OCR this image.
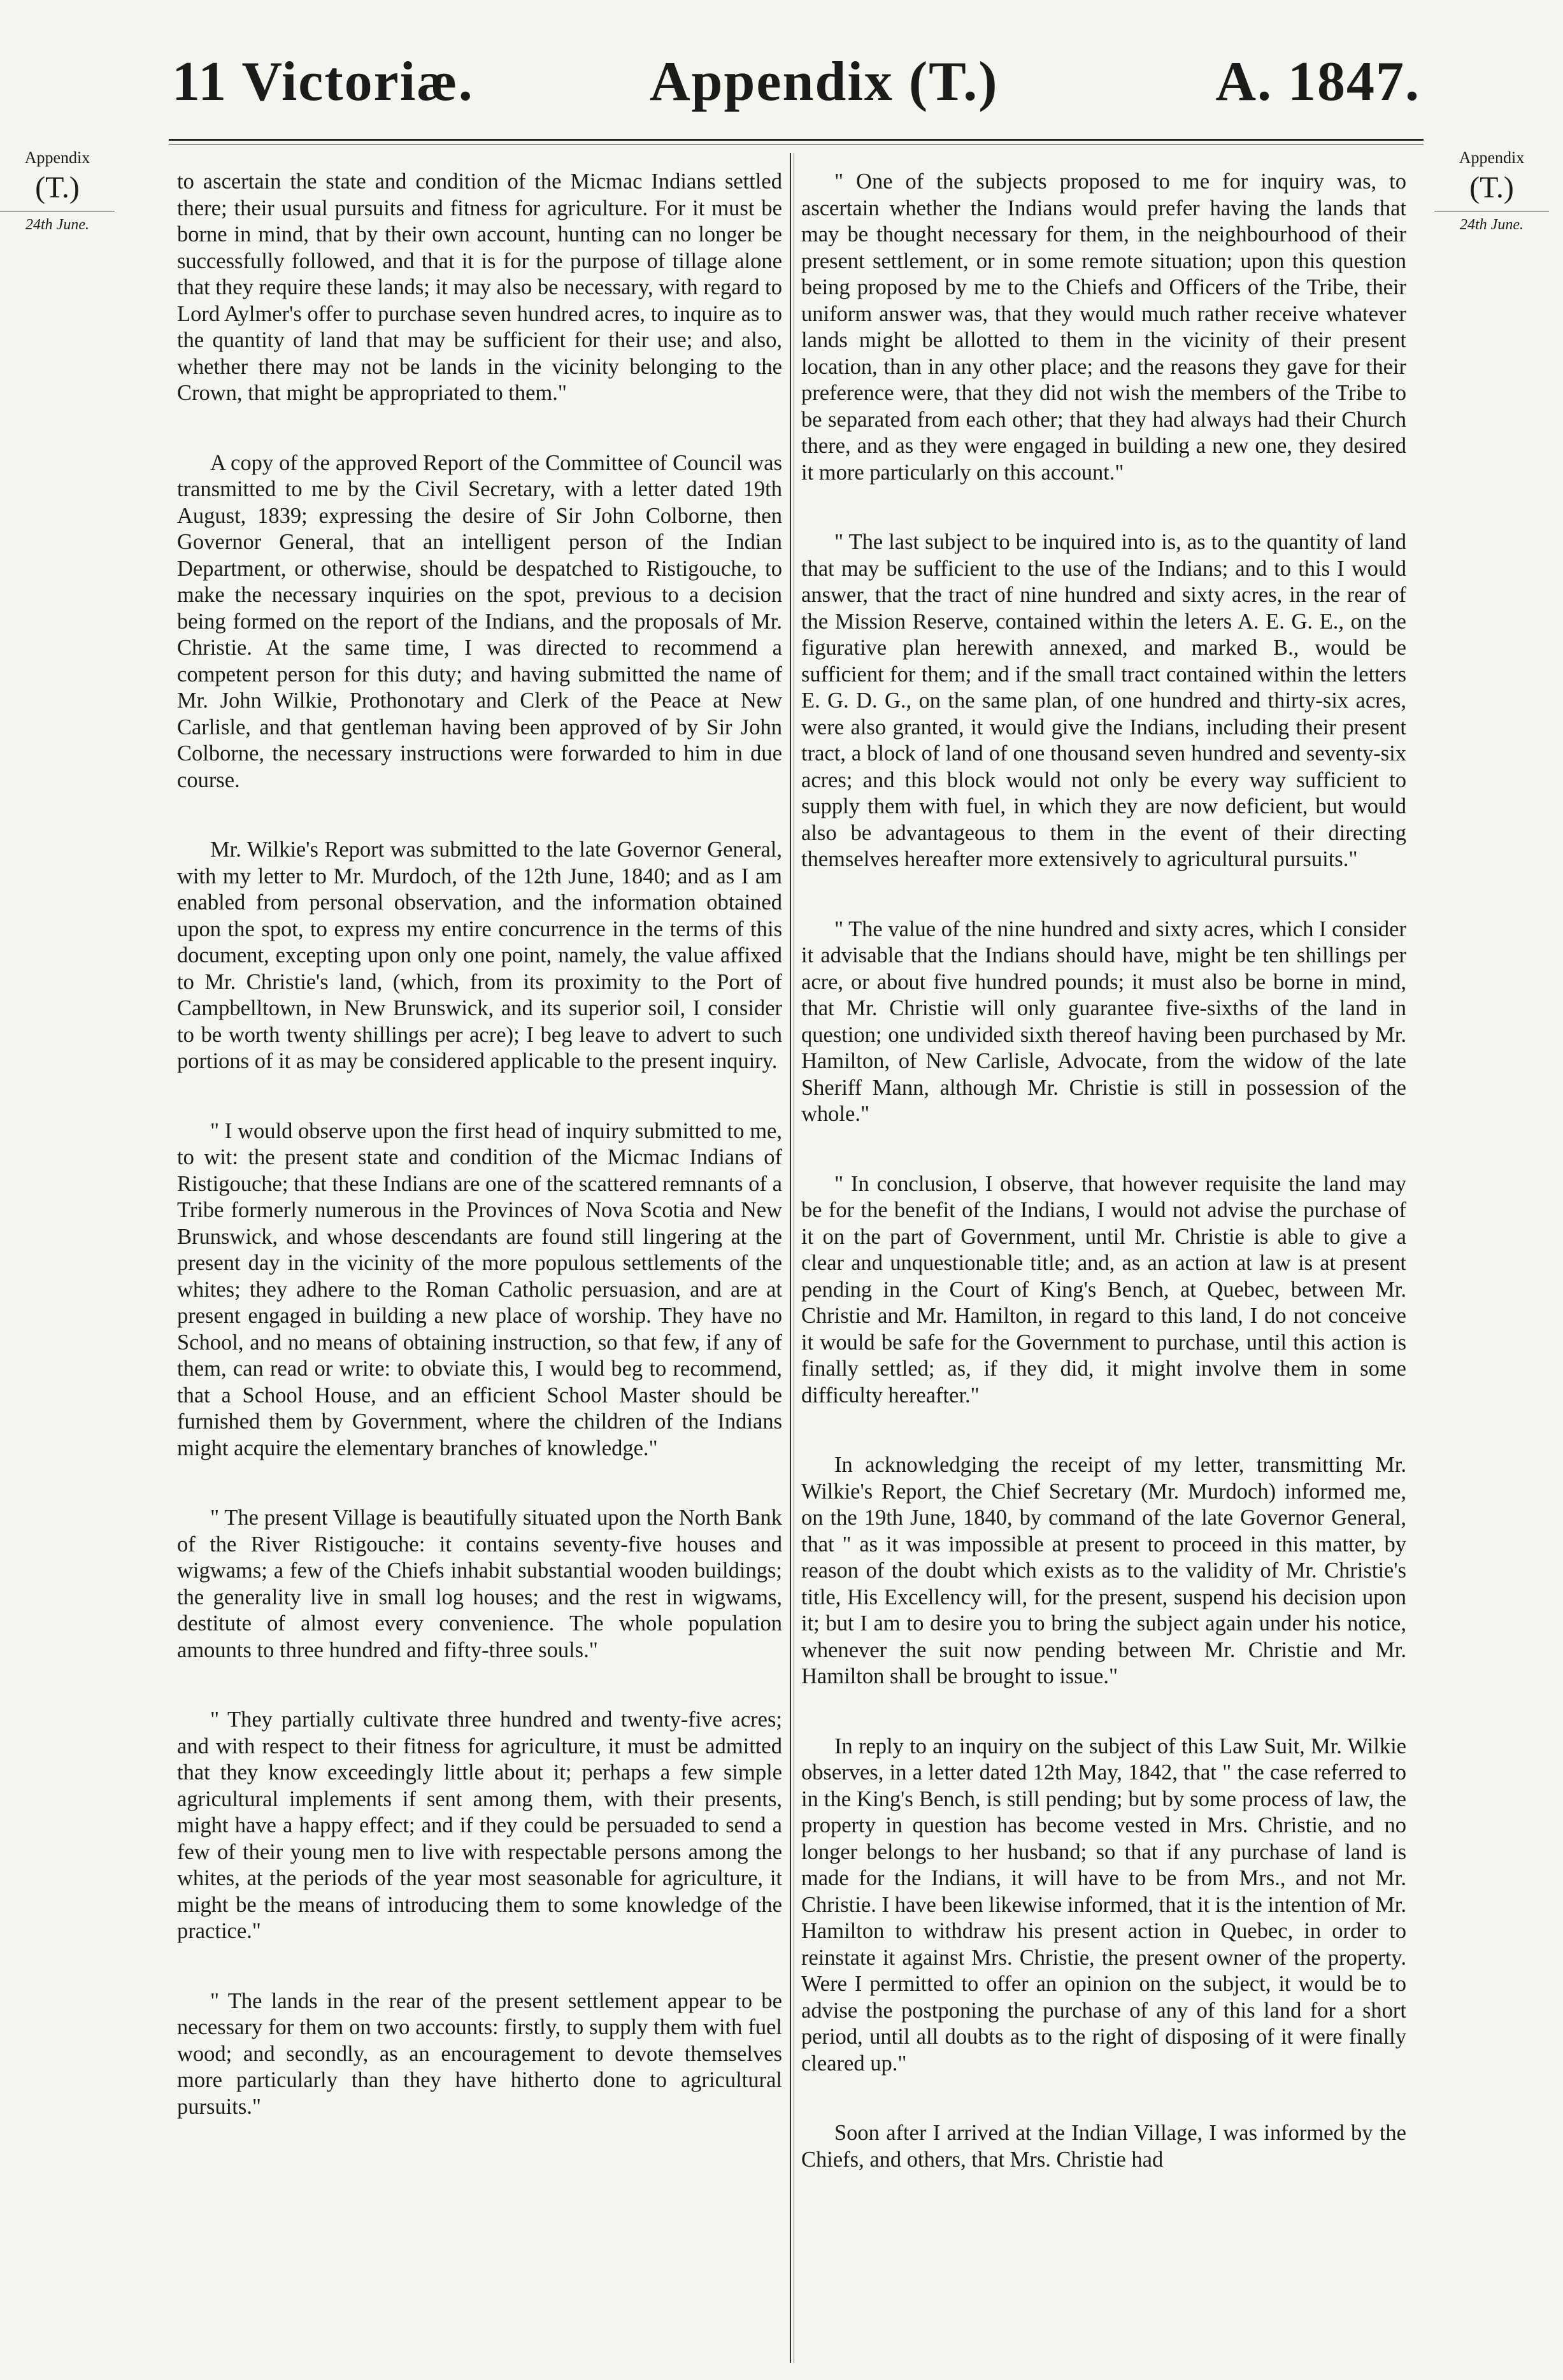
11 Victoriæ.	Appendix (T.)	A. 1847.
Appendix
(T.)
24th June.
Appendix
(T.)
24th June.

to ascertain the state and condition of the Micmac Indians settled there; their usual pursuits and fitness for agriculture. For it must be borne in mind, that by their own account, hunting can no longer be successfully followed, and that it is for the purpose of tillage alone that they require these lands; it may also be necessary, with regard to Lord Aylmer's offer to purchase seven hundred acres, to inquire as to the quantity of land that may be sufficient for their use; and also, whether there may not be lands in the vicinity belonging to the Crown, that might be appropriated to them."

A copy of the approved Report of the Committee of Council was transmitted to me by the Civil Secretary, with a letter dated 19th August, 1839; expressing the desire of Sir John Colborne, then Governor General, that an intelligent person of the Indian Department, or otherwise, should be despatched to Ristigouche, to make the necessary inquiries on the spot, previous to a decision being formed on the report of the Indians, and the proposals of Mr. Christie. At the same time, I was directed to recommend a competent person for this duty; and having submitted the name of Mr. John Wilkie, Prothonotary and Clerk of the Peace at New Carlisle, and that gentleman having been approved of by Sir John Colborne, the necessary instructions were forwarded to him in due course.

Mr. Wilkie's Report was submitted to the late Governor General, with my letter to Mr. Murdoch, of the 12th June, 1840; and as I am enabled from personal observation, and the information obtained upon the spot, to express my entire concurrence in the terms of this document, excepting upon only one point, namely, the value affixed to Mr. Christie's land, (which, from its proximity to the Port of Campbelltown, in New Brunswick, and its superior soil, I consider to be worth twenty shillings per acre); I beg leave to advert to such portions of it as may be considered applicable to the present inquiry.

" I would observe upon the first head of inquiry submitted to me, to wit: the present state and condition of the Micmac Indians of Ristigouche; that these Indians are one of the scattered remnants of a Tribe formerly numerous in the Provinces of Nova Scotia and New Brunswick, and whose descendants are found still lingering at the present day in the vicinity of the more populous settlements of the whites; they adhere to the Roman Catholic persuasion, and are at present engaged in building a new place of worship. They have no School, and no means of obtaining instruction, so that few, if any of them, can read or write: to obviate this, I would beg to recommend, that a School House, and an efficient School Master should be furnished them by Government, where the children of the Indians might acquire the elementary branches of knowledge."

" The present Village is beautifully situated upon the North Bank of the River Ristigouche: it contains seventy-five houses and wigwams; a few of the Chiefs inhabit substantial wooden buildings; the generality live in small log houses; and the rest in wigwams, destitute of almost every convenience. The whole population amounts to three hundred and fifty-three souls."

" They partially cultivate three hundred and twenty-five acres; and with respect to their fitness for agriculture, it must be admitted that they know exceedingly little about it; perhaps a few simple agricultural implements if sent among them, with their presents, might have a happy effect; and if they could be persuaded to send a few of their young men to live with respectable persons among the whites, at the periods of the year most seasonable for agriculture, it might be the means of introducing them to some knowledge of the practice."

" The lands in the rear of the present settlement appear to be necessary for them on two accounts: firstly, to supply them with fuel wood; and secondly, as an encouragement to devote themselves more particularly than they have hitherto done to agricultural pursuits."

" One of the subjects proposed to me for inquiry was, to ascertain whether the Indians would prefer having the lands that may be thought necessary for them, in the neighbourhood of their present settlement, or in some remote situation; upon this question being proposed by me to the Chiefs and Officers of the Tribe, their uniform answer was, that they would much rather receive whatever lands might be allotted to them in the vicinity of their present location, than in any other place; and the reasons they gave for their preference were, that they did not wish the members of the Tribe to be separated from each other; that they had always had their Church there, and as they were engaged in building a new one, they desired it more particularly on this account."

" The last subject to be inquired into is, as to the quantity of land that may be sufficient to the use of the Indians; and to this I would answer, that the tract of nine hundred and sixty acres, in the rear of the Mission Reserve, contained within the leters A. E. G. E., on the figurative plan herewith annexed, and marked B., would be sufficient for them; and if the small tract contained within the letters E. G. D. G., on the same plan, of one hundred and thirty-six acres, were also granted, it would give the Indians, including their present tract, a block of land of one thousand seven hundred and seventy-six acres; and this block would not only be every way sufficient to supply them with fuel, in which they are now deficient, but would also be advantageous to them in the event of their directing themselves hereafter more extensively to agricultural pursuits."

" The value of the nine hundred and sixty acres, which I consider it advisable that the Indians should have, might be ten shillings per acre, or about five hundred pounds; it must also be borne in mind, that Mr. Christie will only guarantee five-sixths of the land in question; one undivided sixth thereof having been purchased by Mr. Hamilton, of New Carlisle, Advocate, from the widow of the late Sheriff Mann, although Mr. Christie is still in possession of the whole."

" In conclusion, I observe, that however requisite the land may be for the benefit of the Indians, I would not advise the purchase of it on the part of Government, until Mr. Christie is able to give a clear and unquestionable title; and, as an action at law is at present pending in the Court of King's Bench, at Quebec, between Mr. Christie and Mr. Hamilton, in regard to this land, I do not conceive it would be safe for the Government to purchase, until this action is finally settled; as, if they did, it might involve them in some difficulty hereafter."

In acknowledging the receipt of my letter, transmitting Mr. Wilkie's Report, the Chief Secretary (Mr. Murdoch) informed me, on the 19th June, 1840, by command of the late Governor General, that " as it was impossible at present to proceed in this matter, by reason of the doubt which exists as to the validity of Mr. Christie's title, His Excellency will, for the present, suspend his decision upon it; but I am to desire you to bring the subject again under his notice, whenever the suit now pending between Mr. Christie and Mr. Hamilton shall be brought to issue."

In reply to an inquiry on the subject of this Law Suit, Mr. Wilkie observes, in a letter dated 12th May, 1842, that " the case referred to in the King's Bench, is still pending; but by some process of law, the property in question has become vested in Mrs. Christie, and no longer belongs to her husband; so that if any purchase of land is made for the Indians, it will have to be from Mrs., and not Mr. Christie. I have been likewise informed, that it is the intention of Mr. Hamilton to withdraw his present action in Quebec, in order to reinstate it against Mrs. Christie, the present owner of the property. Were I permitted to offer an opinion on the subject, it would be to advise the postponing the purchase of any of this land for a short period, until all doubts as to the right of disposing of it were finally cleared up."

Soon after I arrived at the Indian Village, I was informed by the Chiefs, and others, that Mrs. Christie had
